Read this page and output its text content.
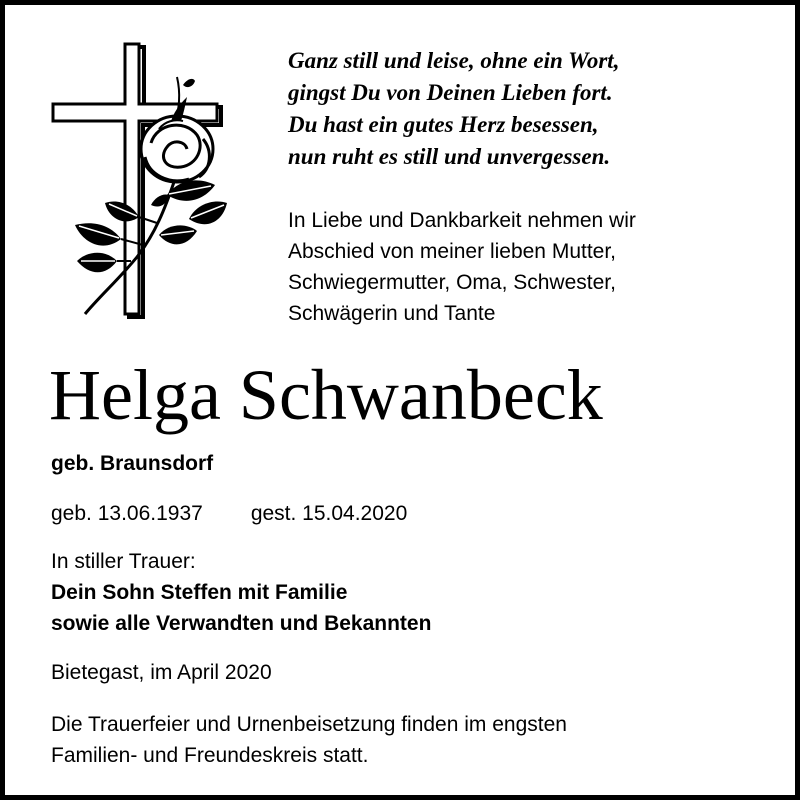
Ganz still und leise, ohne ein Wort,
gingst Du von Deinen Lieben fort.
Du hast ein gutes Herz besessen,
nun ruht es still und unvergessen.
In Liebe und Dankbarkeit nehmen wir
Abschied von meiner lieben Mutter,
Schwiegermutter, Oma, Schwester,
Schwägerin und Tante
Helga Schwanbeck
geb. Braunsdorf
geb. 13.06.1937 gest. 15.04.2020
In stiller Trauer:
Dein Sohn Steffen mit Familie
sowie alle Verwandten und Bekannten
Bietegast, im April 2020
Die Trauerfeier und Urnenbeisetzung finden im engsten
Familien- und Freundeskreis statt.
